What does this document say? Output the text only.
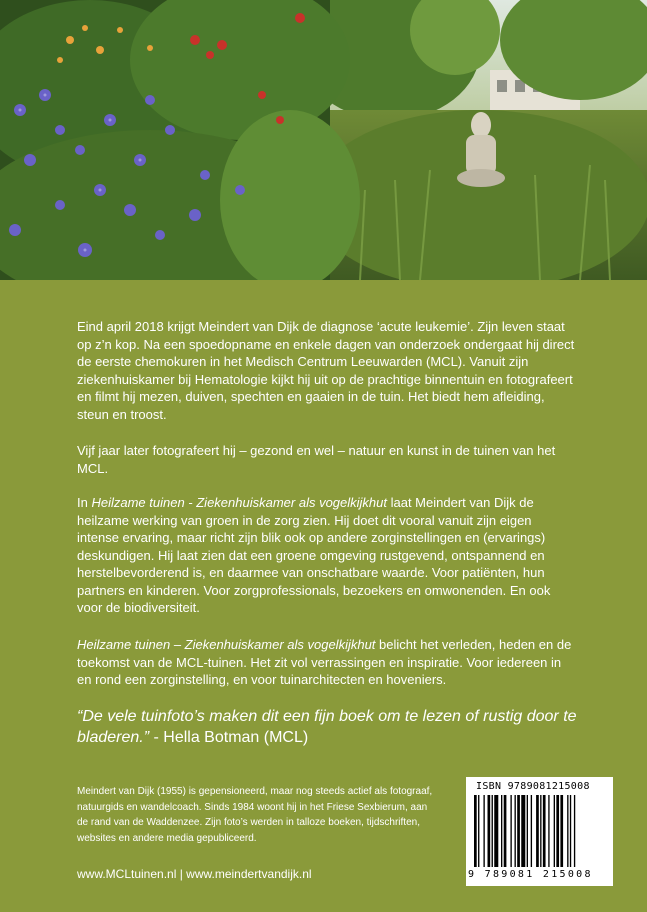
Eind april 2018 krijgt Meindert van Dijk de diagnose ‘acute leukemie’. Zijn leven staat op z’n kop. Na een spoedopname en enkele dagen van onderzoek ondergaat hij direct de eerste chemokuren in het Medisch Centrum Leeuwarden (MCL). Vanuit zijn ziekenhuiskamer bij Hematologie kijkt hij uit op de prachtige binnentuin en fotografeert en filmt hij mezen, duiven, spechten en gaaien in de tuin. Het biedt hem afleiding, steun en troost.
Vijf jaar later fotografeert hij – gezond en wel – natuur en kunst in de tuinen van het MCL.
In Heilzame tuinen - Ziekenhuiskamer als vogelkijkhut laat Meindert van Dijk de heilzame werking van groen in de zorg zien. Hij doet dit vooral vanuit zijn eigen intense ervaring, maar richt zijn blik ook op andere zorginstellingen en (ervarings) deskundigen. Hij laat zien dat een groene omgeving rustgevend, ontspannend en herstelbevorderend is, en daarmee van onschatbare waarde. Voor patiënten, hun partners en kinderen. Voor zorgprofessionals, bezoekers en omwonenden. En ook voor de biodiversiteit.
Heilzame tuinen – Ziekenhuiskamer als vogelkijkhut belicht het verleden, heden en de toekomst van de MCL-tuinen. Het zit vol verrassingen en inspiratie. Voor iedereen in en rond een zorginstelling, en voor tuinarchitecten en hoveniers.
“De vele tuinfoto’s maken dit een fijn boek om te lezen of rustig door te bladeren.” - Hella Botman (MCL)
Meindert van Dijk (1955) is gepensioneerd, maar nog steeds actief als fotograaf, natuurgids en wandelcoach. Sinds 1984 woont hij in het Friese Sexbierum, aan de rand van de Waddenzee. Zijn foto’s werden in talloze boeken, tijdschriften, websites en andere media gepubliceerd.
www.MCLtuinen.nl | www.meindertvandijk.nl
ISBN 9789081215008
9 789081 215008
